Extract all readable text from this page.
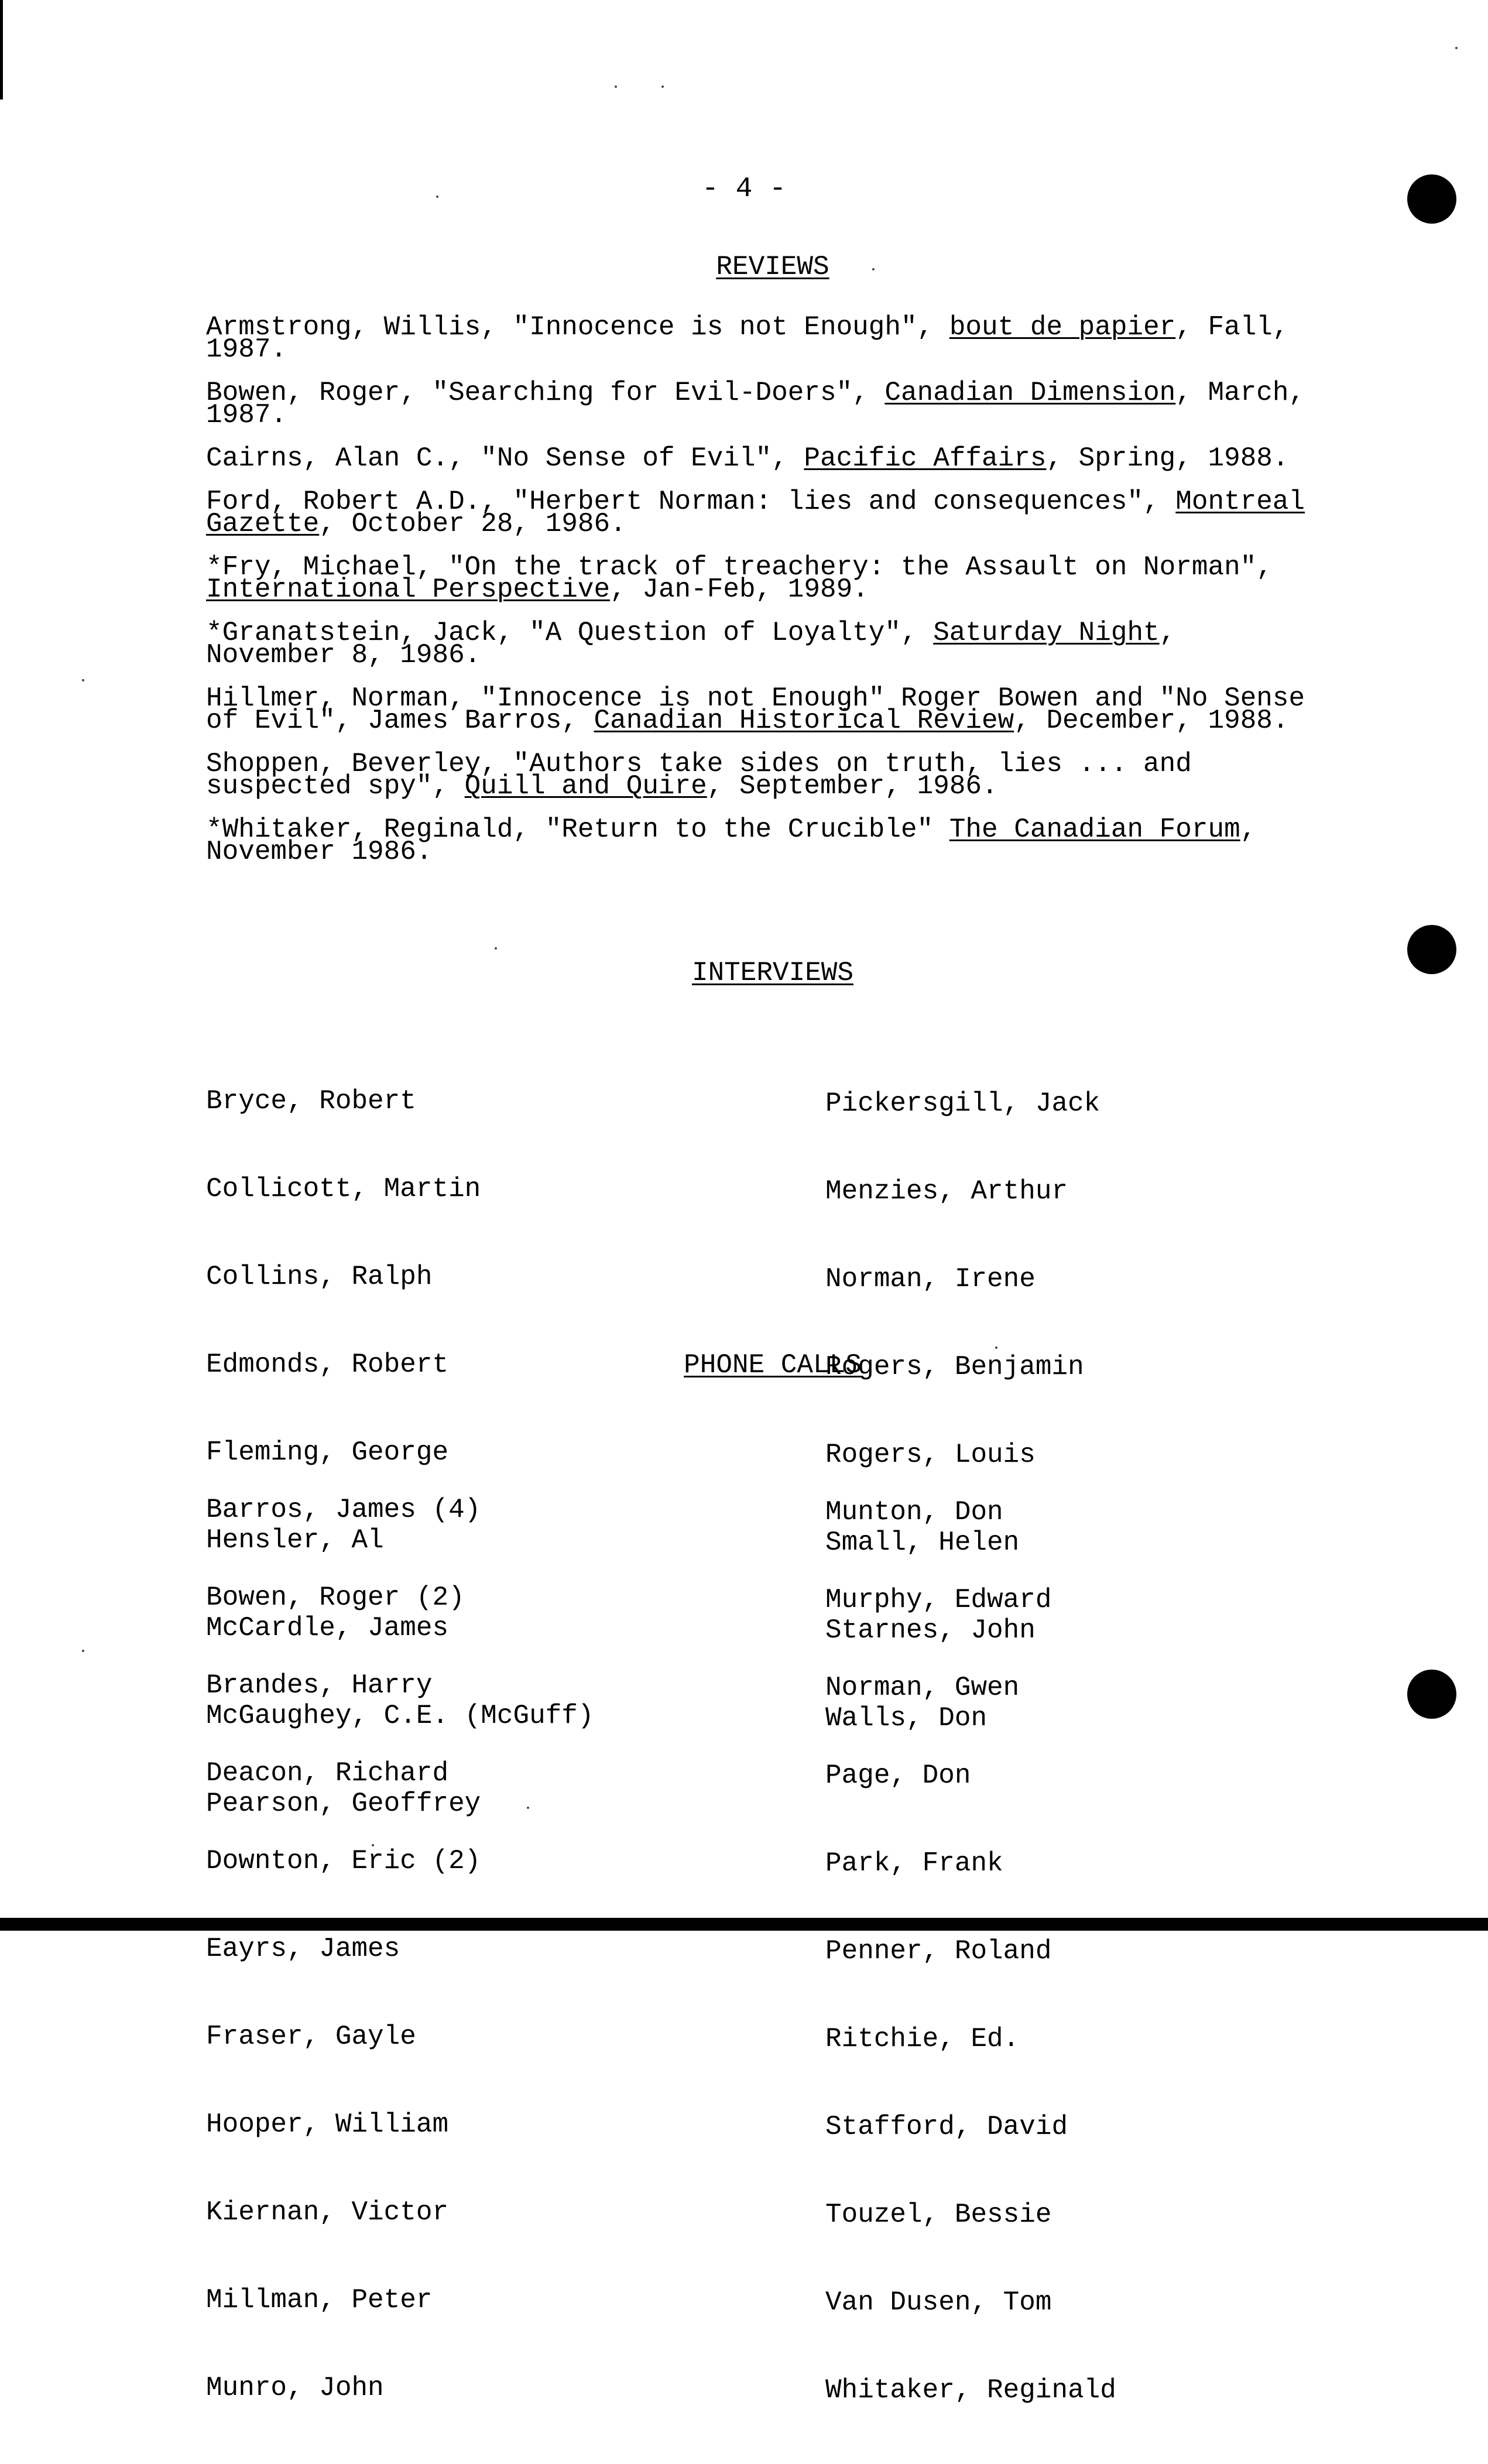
- 4 -
REVIEWS
Armstrong, Willis, "Innocence is not Enough", bout de papier, Fall, 1987.
Bowen, Roger, "Searching for Evil-Doers", Canadian Dimension, March, 1987.
Cairns, Alan C., "No Sense of Evil", Pacific Affairs, Spring, 1988.
Ford, Robert A.D., "Herbert Norman: lies and consequences", Montreal Gazette, October 28, 1986.
*Fry, Michael, "On the track of treachery: the Assault on Norman", International Perspective, Jan-Feb, 1989.
*Granatstein, Jack, "A Question of Loyalty", Saturday Night, November 8, 1986.
Hillmer, Norman, "Innocence is not Enough" Roger Bowen and "No Sense of Evil", James Barros, Canadian Historical Review, December, 1988.
Shoppen, Beverley, "Authors take sides on truth, lies ... and suspected spy", Quill and Quire, September, 1986.
*Whitaker, Reginald, "Return to the Crucible" The Canadian Forum, November 1986.
INTERVIEWS

Bryce, Robert

Collicott, Martin

Collins, Ralph

Edmonds, Robert

Fleming, George

Hensler, Al

McCardle, James

McGaughey, C.E. (McGuff)

Pearson, Geoffrey

Pickersgill, Jack

Menzies, Arthur

Norman, Irene

Rogers, Benjamin

Rogers, Louis

Small, Helen

Starnes, John

Walls, Don

PHONE CALLS

Barros, James (4)

Bowen, Roger (2)

Brandes, Harry

Deacon, Richard

Downton, Eric (2)

Eayrs, James

Fraser, Gayle

Hooper, William

Kiernan, Victor

Millman, Peter

Munro, John

Munton, Don

Murphy, Edward

Norman, Gwen

Page, Don

Park, Frank

Penner, Roland

Ritchie, Ed.

Stafford, David

Touzel, Bessie

Van Dusen, Tom

Whitaker, Reginald
